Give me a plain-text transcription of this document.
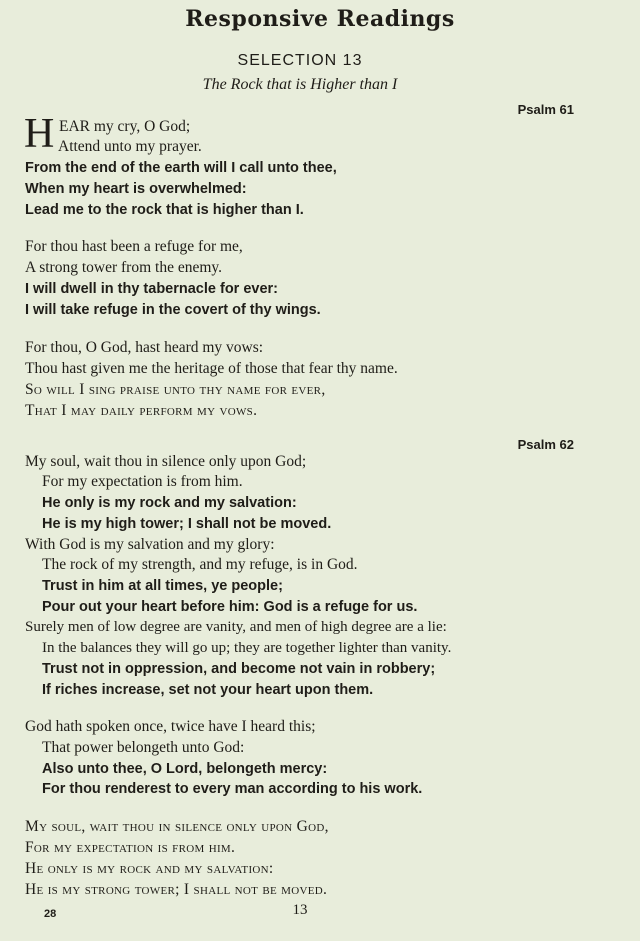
Responsive Readings
SELECTION 13
The Rock that is Higher than I
Psalm 61
H EAR my cry, O God;
Attend unto my prayer.
From the end of the earth will I call unto thee,
When my heart is overwhelmed:
Lead me to the rock that is higher than I.
For thou hast been a refuge for me,
A strong tower from the enemy.
I will dwell in thy tabernacle for ever:
I will take refuge in the covert of thy wings.
For thou, O God, hast heard my vows:
Thou hast given me the heritage of those that fear thy name.
So will I sing praise unto thy name for ever,
That I may daily perform my vows.
Psalm 62
My soul, wait thou in silence only upon God;
For my expectation is from him.
He only is my rock and my salvation:
He is my high tower; I shall not be moved.
With God is my salvation and my glory:
The rock of my strength, and my refuge, is in God.
Trust in him at all times, ye people;
Pour out your heart before him: God is a refuge for us.
Surely men of low degree are vanity, and men of high degree are a lie:
In the balances they will go up; they are together lighter than vanity.
Trust not in oppression, and become not vain in robbery;
If riches increase, set not your heart upon them.
God hath spoken once, twice have I heard this;
That power belongeth unto God:
Also unto thee, O Lord, belongeth mercy:
For thou renderest to every man according to his work.
My soul, wait thou in silence only upon God,
For my expectation is from him.
He only is my rock and my salvation:
He is my strong tower; I shall not be moved.
28	13
